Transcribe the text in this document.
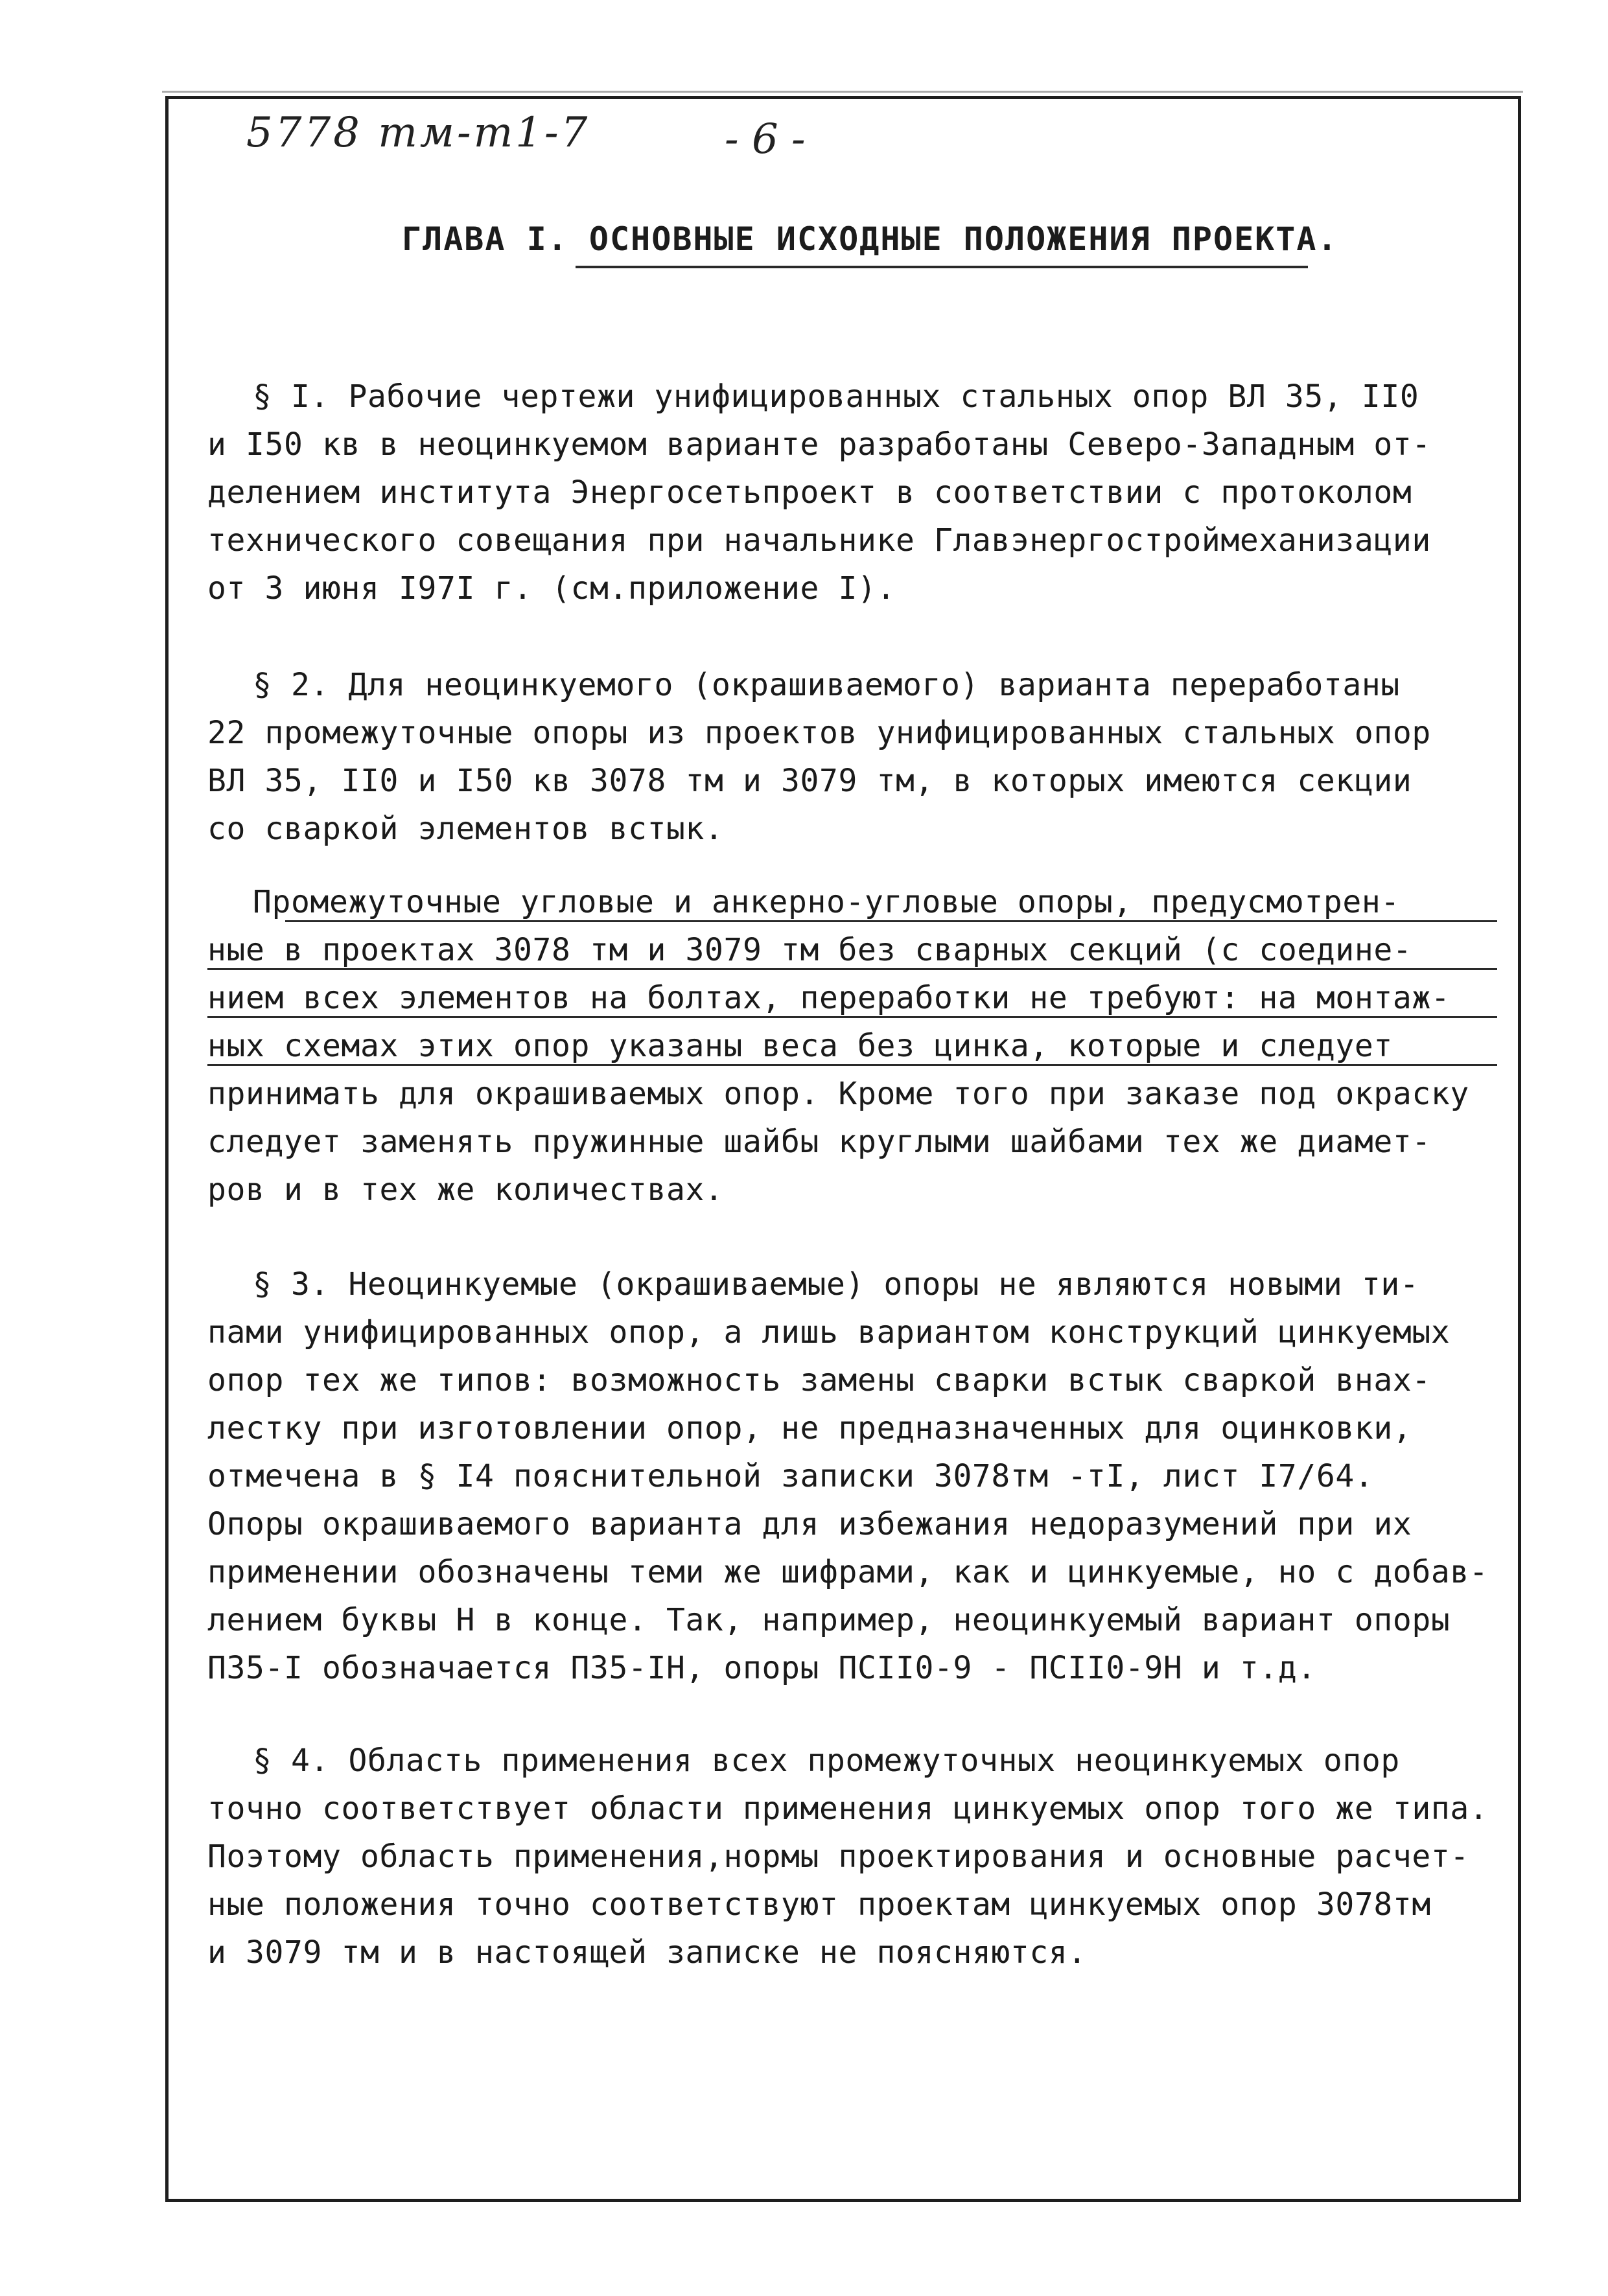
5778 тм-т1-7	- 6 -
ГЛАВА I. ОСНОВНЫЕ ИСХОДНЫЕ ПОЛОЖЕНИЯ ПРОЕКТА.
§ I. Рабочие чертежи унифицированных стальных опор ВЛ 35, II0
и I50 кв в неоцинкуемом варианте разработаны Северо-Западным от-
делением института Энергосетьпроект в соответствии с протоколом
технического совещания при начальнике Главэнергостроймеханизации
от 3 июня I97I г. (см.приложение I).
§ 2. Для неоцинкуемого (окрашиваемого) варианта переработаны
22 промежуточные опоры из проектов унифицированных стальных опор
ВЛ 35, II0 и I50 кв 3078 тм и 3079 тм, в которых имеются секции
со сваркой элементов встык.
Промежуточные угловые и анкерно-угловые опоры, предусмотрен-
ные в проектах 3078 тм и 3079 тм без сварных секций (с соедине-
нием всех элементов на болтах, переработки не требуют: на монтаж-
ных схемах этих опор указаны веса без цинка, которые и следует
принимать для окрашиваемых опор. Кроме того при заказе под окраску
следует заменять пружинные шайбы круглыми шайбами тех же диамет-
ров и в тех же количествах.
§ 3. Неоцинкуемые (окрашиваемые) опоры не являются новыми ти-
пами унифицированных опор, а лишь вариантом конструкций цинкуемых
опор тех же типов: возможность замены сварки встык сваркой внах-
лестку при изготовлении опор, не предназначенных для оцинковки,
отмечена в § I4 пояснительной записки 3078тм -тI, лист I7/64.
Опоры окрашиваемого варианта для избежания недоразумений при их
применении обозначены теми же шифрами, как и цинкуемые, но с добав-
лением буквы Н в конце. Так, например, неоцинкуемый вариант опоры
П35-I обозначается П35-IН, опоры ПСII0-9 - ПСII0-9Н и т.д.
§ 4. Область применения всех промежуточных неоцинкуемых опор
точно соответствует области применения цинкуемых опор того же типа.
Поэтому область применения,нормы проектирования и основные расчет-
ные положения точно соответствуют проектам цинкуемых опор 3078тм
и 3079 тм и в настоящей записке не поясняются.
